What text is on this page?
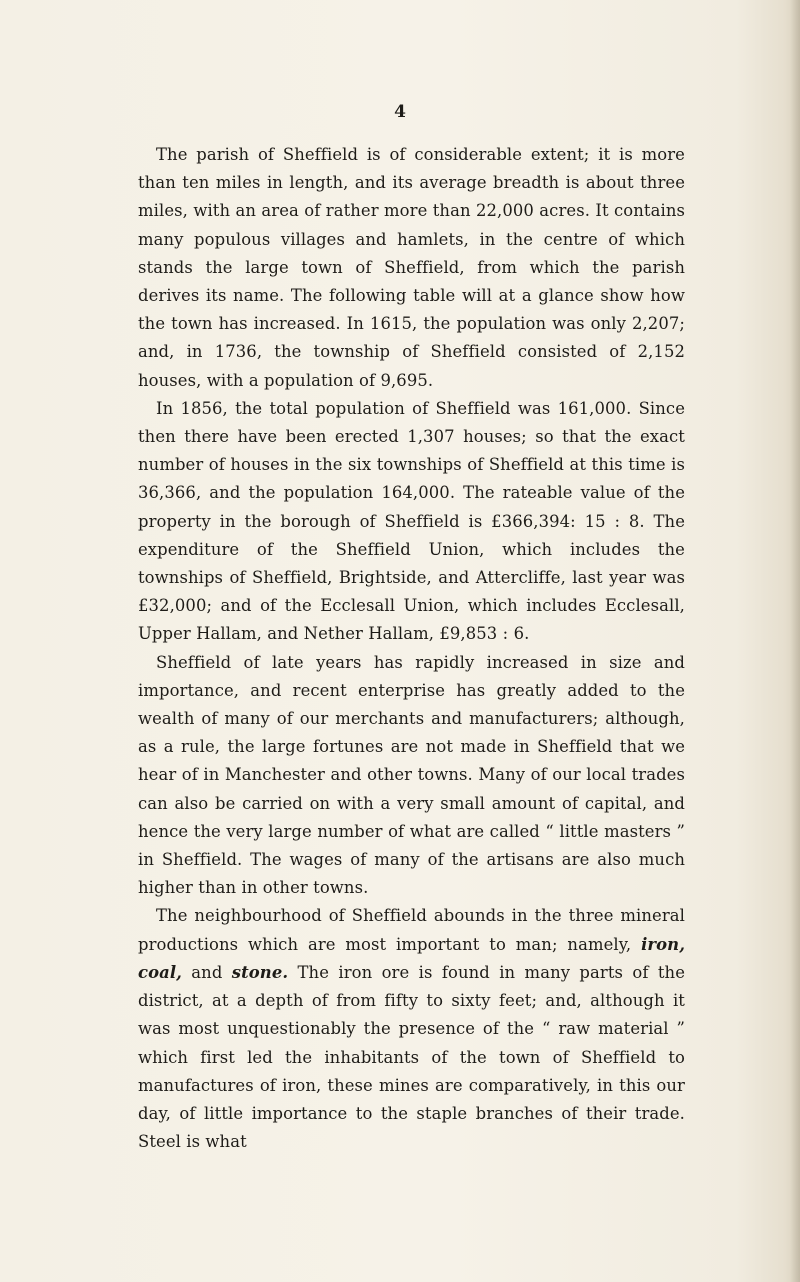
4

The parish of Sheffield is of considerable extent; it is more than ten miles in length, and its average breadth is about three miles, with an area of rather more than 22,000 acres. It contains many populous villages and hamlets, in the centre of which stands the large town of Sheffield, from which the parish derives its name. The following table will at a glance show how the town has increased. In 1615, the population was only 2,207; and, in 1736, the township of Sheffield consisted of 2,152 houses, with a population of 9,695.

In 1856, the total population of Sheffield was 161,000. Since then there have been erected 1,307 houses; so that the exact number of houses in the six townships of Sheffield at this time is 36,366, and the population 164,000. The rateable value of the property in the borough of Sheffield is £366,394: 15 : 8. The expenditure of the Sheffield Union, which includes the townships of Sheffield, Brightside, and Attercliffe, last year was £32,000; and of the Ecclesall Union, which includes Ecclesall, Upper Hallam, and Nether Hallam, £9,853 : 6.

Sheffield of late years has rapidly increased in size and importance, and recent enterprise has greatly added to the wealth of many of our merchants and manufacturers; although, as a rule, the large fortunes are not made in Sheffield that we hear of in Manchester and other towns. Many of our local trades can also be carried on with a very small amount of capital, and hence the very large number of what are called “ little masters ” in Sheffield. The wages of many of the artisans are also much higher than in other towns.

The neighbourhood of Sheffield abounds in the three mineral productions which are most important to man; namely, iron, coal, and stone. The iron ore is found in many parts of the district, at a depth of from fifty to sixty feet; and, although it was most unquestionably the presence of the “ raw material ” which first led the inhabitants of the town of Sheffield to manufactures of iron, these mines are comparatively, in this our day, of little importance to the staple branches of their trade. Steel is what
